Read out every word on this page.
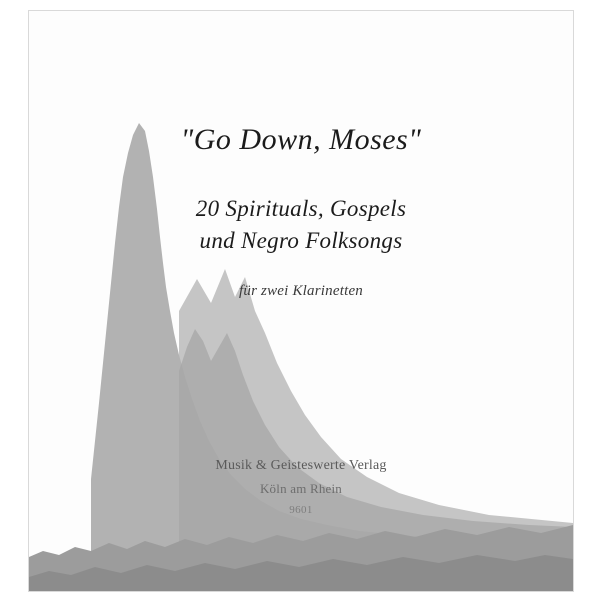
"Go Down, Moses"
20 Spirituals, Gospels
und Negro Folksongs
für zwei Klarinetten
Musik & Geisteswerte Verlag
Köln am Rhein
9601
